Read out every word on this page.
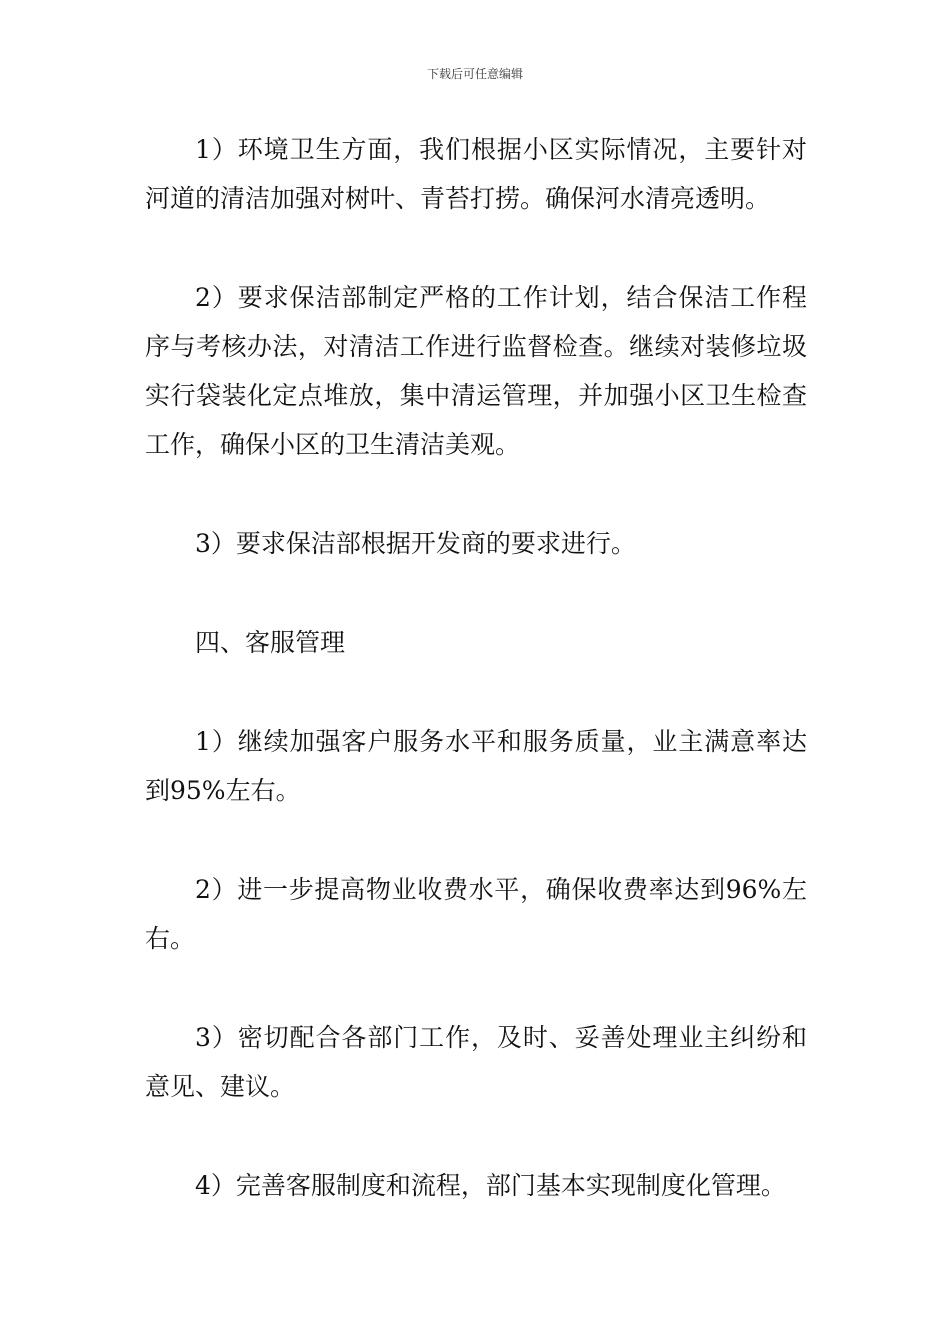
下载后可任意编辑

1）环境卫生方面，我们根据小区实际情况，主要针对河道的清洁加强对树叶、青苔打捞。确保河水清亮透明。

2）要求保洁部制定严格的工作计划，结合保洁工作程序与考核办法，对清洁工作进行监督检查。继续对装修垃圾实行袋装化定点堆放，集中清运管理，并加强小区卫生检查工作，确保小区的卫生清洁美观。

3）要求保洁部根据开发商的要求进行。

四、客服管理

1）继续加强客户服务水平和服务质量，业主满意率达到95%左右。

2）进一步提高物业收费水平，确保收费率达到96%左右。

3）密切配合各部门工作，及时、妥善处理业主纠纷和意见、建议。

4）完善客服制度和流程，部门基本实现制度化管理。
